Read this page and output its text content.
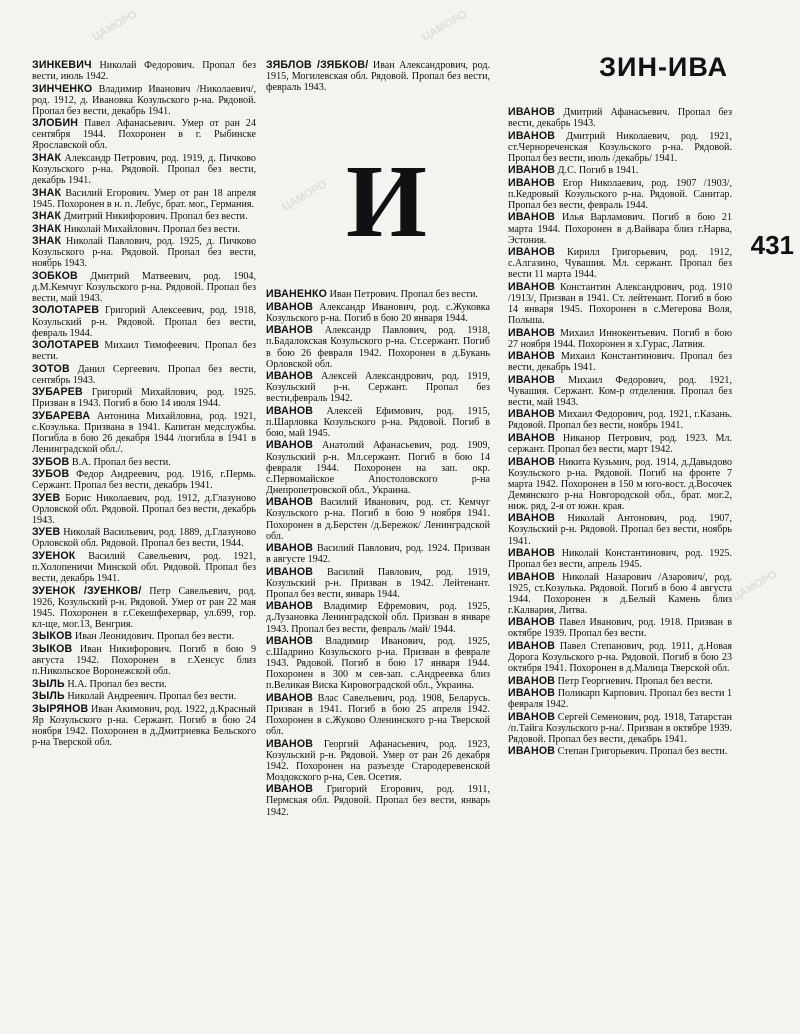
ЗИН-ИВА
431
И
ЦАМОРО
ЦАМОРО
ЦАМОРО
ЦАМОРО
ЗИНКЕВИЧ Николай Федорович. Пропал без вести, июль 1942.
ЗИНЧЕНКО Владимир Иванович /Николаевич/, род. 1912, д. Ивановка Козульского р-на. Рядовой. Пропал без вести, декабрь 1941.
ЗЛОБИН Павел Афанасьевич. Умер от ран 24 сентября 1944. Похоронен в г. Рыбинске Ярославской обл.
ЗНАК Александр Петрович, род. 1919, д. Пичково Козульского р-на. Рядовой. Пропал без вести, декабрь 1941.
ЗНАК Василий Егорович. Умер от ран 18 апреля 1945. Похоронен в н. п. Лебус, брат. мог., Германия.
ЗНАК Дмитрий Никифорович. Пропал без вести.
ЗНАК Николай Михайлович. Пропал без вести.
ЗНАК Николай Павлович, род. 1925, д. Пичково Козульского р-на. Рядовой. Пропал без вести, ноябрь 1943.
ЗОБКОВ Дмитрий Матвеевич, род. 1904, д.М.Кемчуг Козульского р-на. Рядовой. Пропал без вести, май 1943.
ЗОЛОТАРЕВ Григорий Алексеевич, род. 1918, Козульский р-н. Рядовой. Пропал без вести, февраль 1944.
ЗОЛОТАРЕВ Михаил Тимофеевич. Пропал без вести.
ЗОТОВ Данил Сергеевич. Пропал без вести, сентябрь 1943.
ЗУБАРЕВ Григорий Михайлович, род. 1925. Призван в 1943. Погиб в бою 14 июля 1944.
ЗУБАРЕВА Антонина Михайловна, род. 1921, с.Козулька. Призвана в 1941. Капитан медслужбы. Погибла в бою 26 декабря 1944 /погибла в 1941 в Ленинградской обл./.
ЗУБОВ В.А. Пропал без вести.
ЗУБОВ Федор Андреевич, род. 1916, г.Пермь. Сержант. Пропал без вести, декабрь 1941.
ЗУЕВ Борис Николаевич, род. 1912, д.Глазуново Орловской обл. Рядовой. Пропал без вести, декабрь 1943.
ЗУЕВ Николай Васильевич, род. 1889, д.Глазуново Орловской обл. Рядовой. Пропал без вести, 1944.
ЗУЕНОК Василий Савельевич, род. 1921, п.Холопеничи Минской обл. Рядовой. Пропал без вести, декабрь 1941.
ЗУЕНОК /ЗУЕНКОВ/ Петр Савельевич, род. 1926, Козульский р-н. Рядовой. Умер от ран 22 мая 1945. Похоронен в г.Секешфехервар, ул.699, гор. кл-ще, мог.13, Венгрия.
ЗЫКОВ Иван Леонидович. Пропал без вести.
ЗЫКОВ Иван Никифорович. Погиб в бою 9 августа 1942. Похоронен в г.Хенсус близ п.Никольское Воронежской обл.
ЗЫЛЬ Н.А. Пропал без вести.
ЗЫЛЬ Николай Андреевич. Пропал без вести.
ЗЫРЯНОВ Иван Акимович, род. 1922, д.Красный Яр Козульского р-на. Сержант. Погиб в бою 24 ноября 1942. Похоронен в д.Дмитриевка Бельского р-на Тверской обл.
ЗЯБЛОВ /ЗЯБКОВ/ Иван Александрович, род. 1915, Могилевская обл. Рядовой. Пропал без вести, февраль 1943.
ИВАНЕНКО Иван Петрович. Пропал без вести.
ИВАНОВ Александр Иванович, род. с.Жуковка Козульского р-на. Погиб в бою 20 января 1944.
ИВАНОВ Александр Павлович, род. 1918, п.Бадалокская Козульского р-на. Ст.сержант. Погиб в бою 26 февраля 1942. Похоронен в д.Букань Орловской обл.
ИВАНОВ Алексей Александрович, род. 1919, Козульский р-н. Сержант. Пропал без вести,февраль 1942.
ИВАНОВ Алексей Ефимович, род. 1915, п.Шарловка Козульского р-на. Рядовой. Погиб в бою, май 1945.
ИВАНОВ Анатолий Афанасьевич, род. 1909, Козульский р-н. Мл.сержант. Погиб в бою 14 февраля 1944. Похоронен на зап. окр. с.Первомайское Апостоловского р-на Днепропетровской обл., Украина.
ИВАНОВ Василий Иванович, род. ст. Кемчуг Козульского р-на. Погиб в бою 9 ноября 1941. Похоронен в д.Берстен /д.Бережок/ Ленинградской обл.
ИВАНОВ Василий Павлович, род. 1924. Призван в августе 1942.
ИВАНОВ Василий Павлович, род. 1919, Козульский р-н. Призван в 1942. Лейтенант. Пропал без вести, январь 1944.
ИВАНОВ Владимир Ефремович, род. 1925, д.Лузановка Ленинградской обл. Призван в январе 1943. Пропал без вести, февраль /май/ 1944.
ИВАНОВ Владимир Иванович, род. 1925, с.Шадрино Козульского р-на. Призван в феврале 1943. Рядовой. Погиб в бою 17 января 1944. Похоронен в 300 м сев-зап. с.Андреевка близ п.Великая Виска Кировоградской обл., Украина.
ИВАНОВ Влас Савельевич, род. 1908, Беларусь. Призван в 1941. Погиб в бою 25 апреля 1942. Похоронен в с.Жуково Оленинского р-на Тверской обл.
ИВАНОВ Георгий Афанасьевич, род. 1923, Козульский р-н. Рядовой. Умер от ран 26 декабря 1942. Похоронен на разъезде Стародеревенской Моздокского р-на, Сев. Осетия.
ИВАНОВ Григорий Егорович, род. 1911, Пермская обл. Рядовой. Пропал без вести, январь 1942.
ИВАНОВ Дмитрий Афанасьевич. Пропал без вести, декабрь 1943.
ИВАНОВ Дмитрий Николаевич, род. 1921, ст.Чернореченская Козульского р-на. Рядовой. Пропал без вести, июль /декабрь/ 1941.
ИВАНОВ Д.С. Погиб в 1941.
ИВАНОВ Егор Николаевич, род. 1907 /1903/, п.Кедровый Козульского р-на. Рядовой. Санитар. Пропал без вести, февраль 1944.
ИВАНОВ Илья Варламович. Погиб в бою 21 марта 1944. Похоронен в д.Вайвара близ г.Нарва, Эстония.
ИВАНОВ Кирилл Григорьевич, род. 1912, с.Алгазино, Чувашия. Мл. сержант. Пропал без вести 11 марта 1944.
ИВАНОВ Константин Александрович, род. 1910 /1913/, Призван в 1941. Ст. лейтенант. Погиб в бою 14 января 1945. Похоронен в с.Мегерова Воля, Польша.
ИВАНОВ Михаил Иннокентьевич. Погиб в бою 27 ноября 1944. Похоронен в х.Гурас, Латвия.
ИВАНОВ Михаил Константинович. Пропал без вести, декабрь 1941.
ИВАНОВ Михаил Федорович, род. 1921, Чувашия. Сержант. Ком-р отделения. Пропал без вести, май 1943.
ИВАНОВ Михаил Федорович, род. 1921, г.Казань. Рядовой. Пропал без вести, ноябрь 1941.
ИВАНОВ Никанор Петрович, род. 1923. Мл. сержант. Пропал без вести, март 1942.
ИВАНОВ Никита Кузьмич, род. 1914, д.Давыдово Козульского р-на. Рядовой. Погиб на фронте 7 марта 1942. Похоронен в 150 м юго-вост. д.Восочек Демянского р-на Новгородской обл., брат. мог.2, ниж. ряд, 2-я от южн. края.
ИВАНОВ Николай Антонович, род. 1907, Козульский р-н. Рядовой. Пропал без вести, ноябрь 1941.
ИВАНОВ Николай Константинович, род. 1925. Пропал без вести, апрель 1945.
ИВАНОВ Николай Назарович /Азарович/, род. 1925, ст.Козулька. Рядовой. Погиб в бою 4 августа 1944. Похоронен в д.Белый Камень близ г.Калвария, Литва.
ИВАНОВ Павел Иванович, род. 1918. Призван в октябре 1939. Пропал без вести.
ИВАНОВ Павел Степанович, род. 1911, д.Новая Дорога Козульского р-на. Рядовой. Погиб в бою 23 октября 1941. Похоронен в д.Малица Тверской обл.
ИВАНОВ Петр Георгиевич. Пропал без вести.
ИВАНОВ Поликарп Карпович. Пропал без вести 1 февраля 1942.
ИВАНОВ Сергей Семенович, род. 1918, Татарстан /п.Тайга Козульского р-на/. Призван в октябре 1939. Рядовой. Пропал без вести, декабрь 1941.
ИВАНОВ Степан Григорьевич. Пропал без вести.
